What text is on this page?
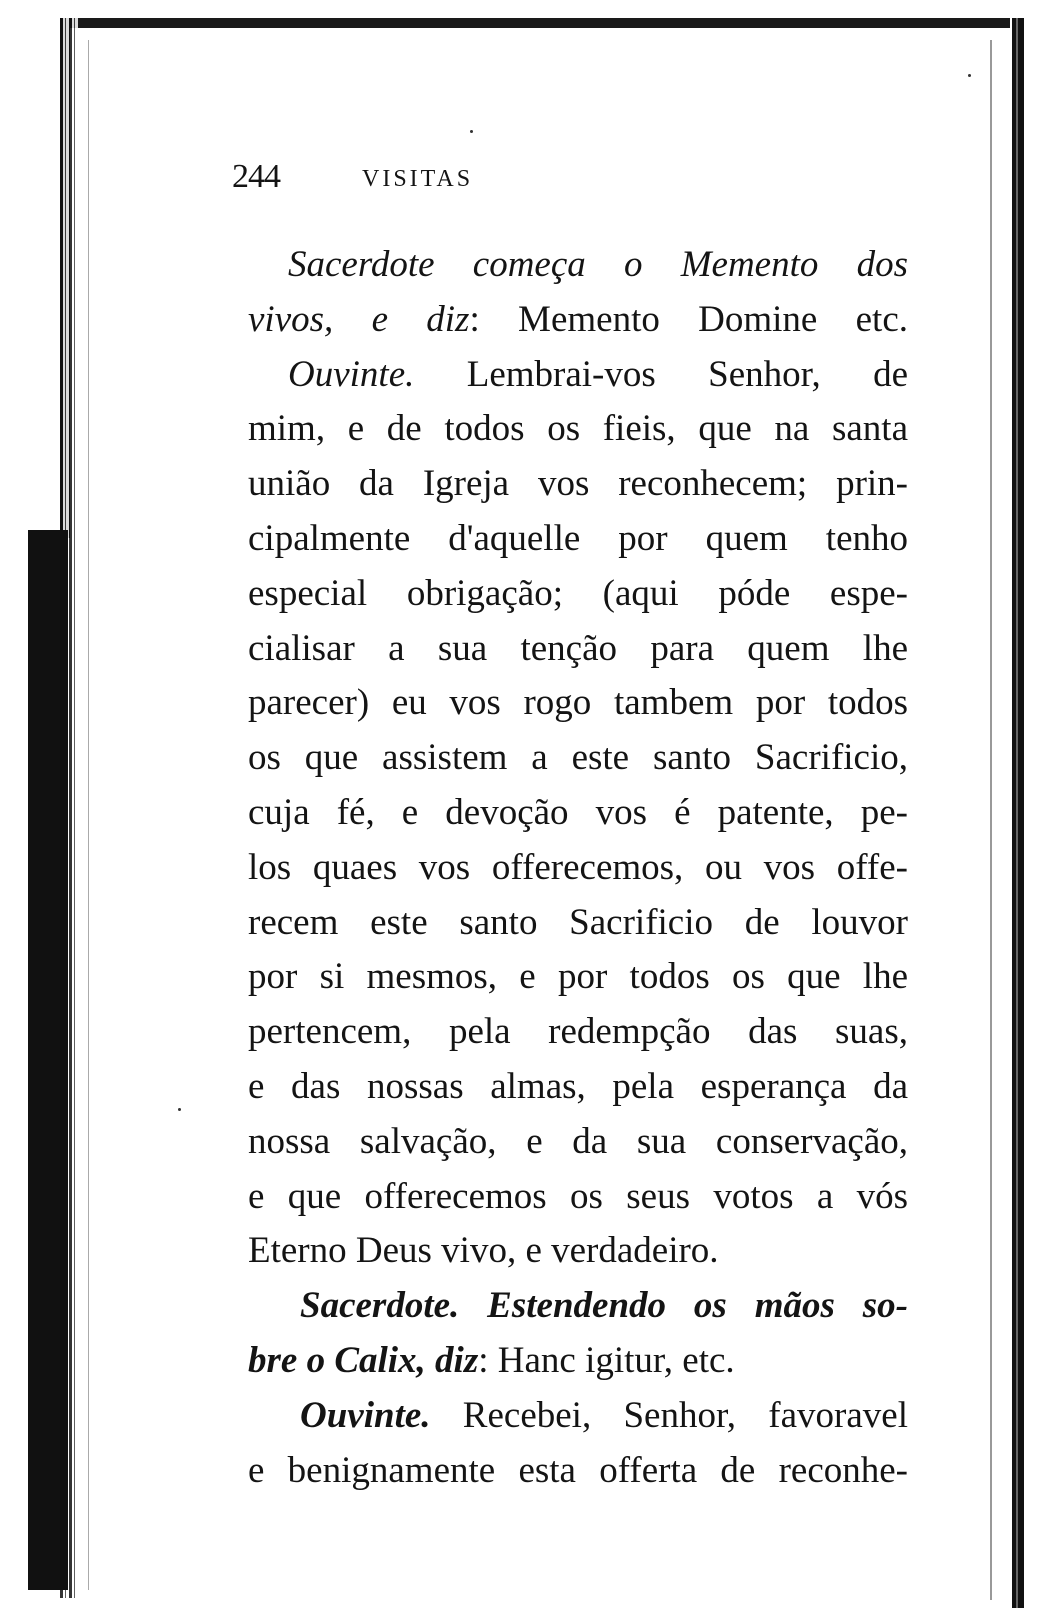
244	VISITAS
Sacerdote começa o Memento dos
vivos, e diz: Memento Domine etc.
Ouvinte. Lembrai-vos Senhor, de
mim, e de todos os fieis, que na santa
união da Igreja vos reconhecem; prin-
cipalmente d'aquelle por quem tenho
especial obrigação; (aqui póde espe-
cialisar a sua tenção para quem lhe
parecer) eu vos rogo tambem por todos
os que assistem a este santo Sacrificio,
cuja fé, e devoção vos é patente, pe-
los quaes vos offerecemos, ou vos offe-
recem este santo Sacrificio de louvor
por si mesmos, e por todos os que lhe
pertencem, pela redempção das suas,
e das nossas almas, pela esperança da
nossa salvação, e da sua conservação,
e que offerecemos os seus votos a vós
Eterno Deus vivo, e verdadeiro.
Sacerdote. Estendendo os mãos so-
bre o Calix, diz: Hanc igitur, etc.
Ouvinte. Recebei, Senhor, favoravel
e benignamente esta offerta de reconhe-
